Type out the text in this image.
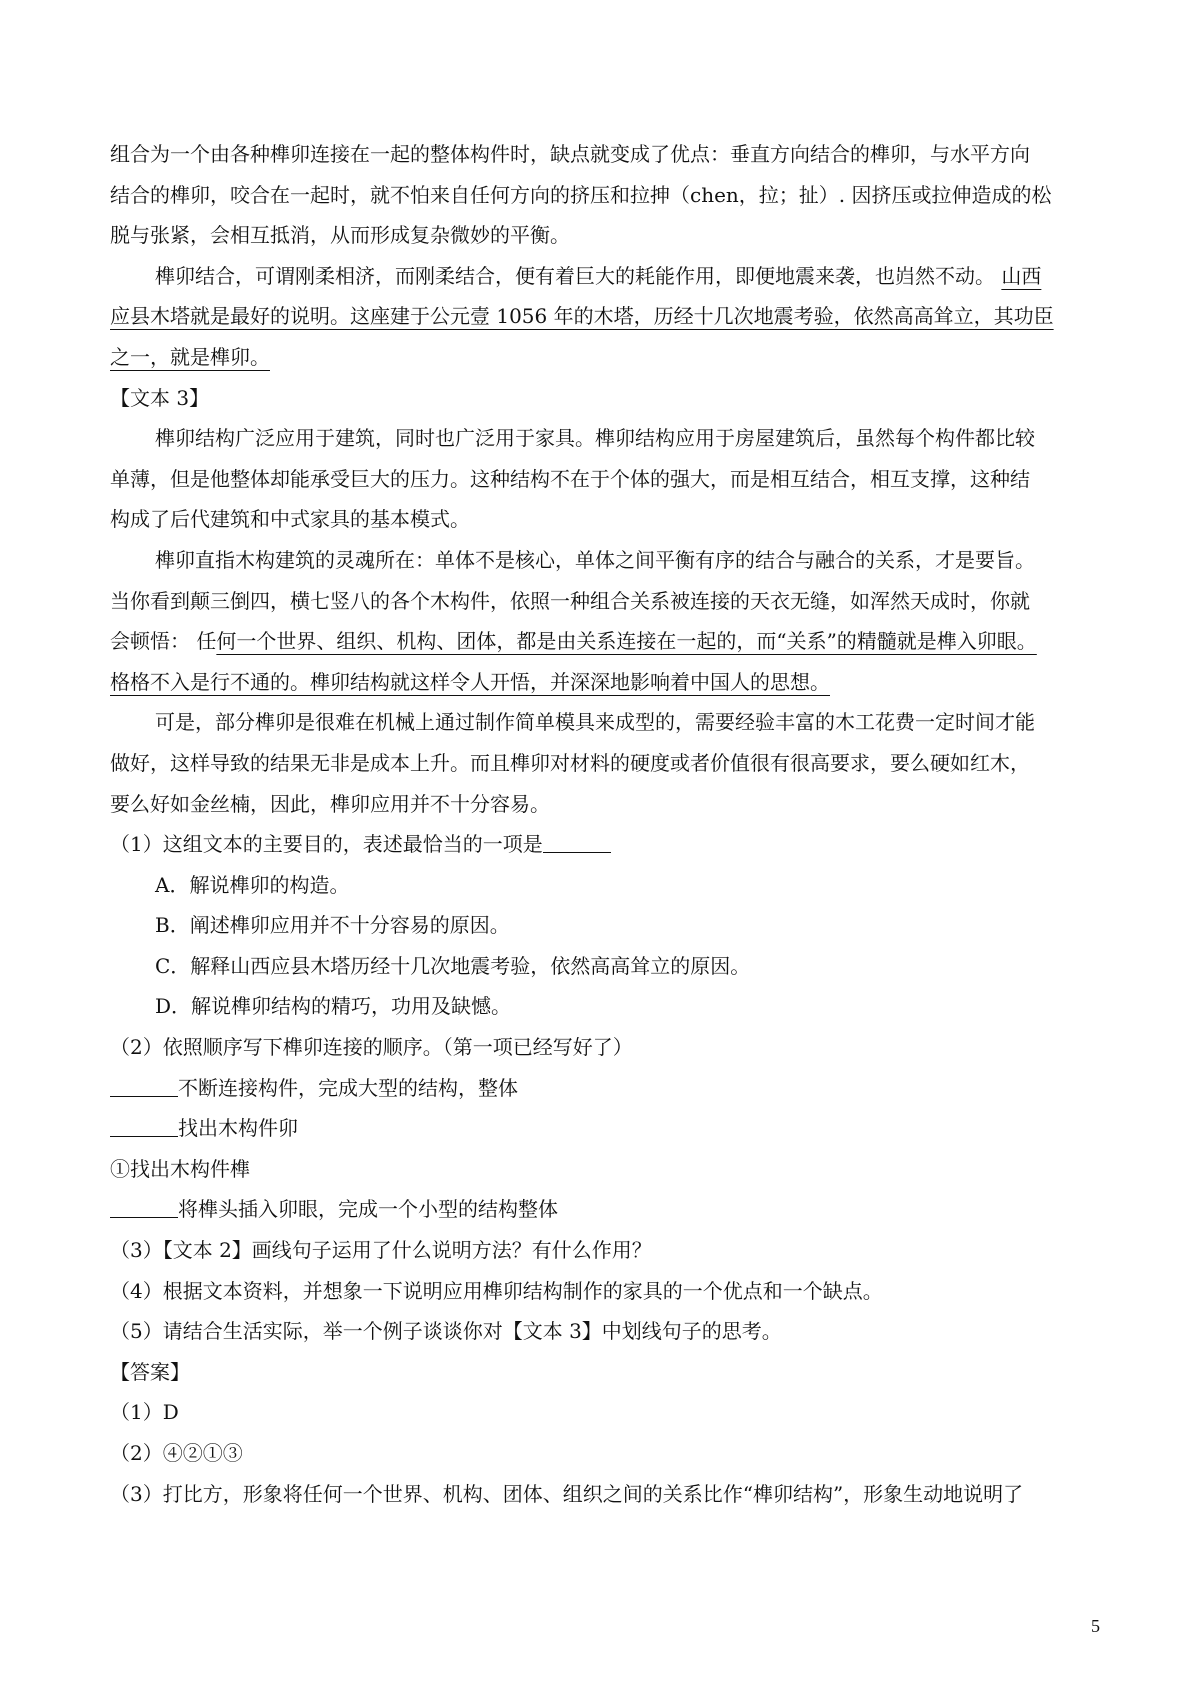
组合为一个由各种榫卯连接在一起的整体构件时，缺点就变成了优点：垂直方向结合的榫卯，与水平方向
结合的榫卯，咬合在一起时，就不怕来自任何方向的挤压和拉抻（chen，拉；扯）. 因挤压或拉伸造成的松
脱与张紧，会相互抵消，从而形成复杂微妙的平衡。
榫卯结合，可谓刚柔相济，而刚柔结合，便有着巨大的耗能作用，即便地震来袭，也岿然不动。 山西
应县木塔就是最好的说明。这座建于公元壹 1056 年的木塔，历经十几次地震考验，依然高高耸立，其功臣
之一，就是榫卯。
【文本 3】
榫卯结构广泛应用于建筑，同时也广泛用于家具。榫卯结构应用于房屋建筑后，虽然每个构件都比较
单薄，但是他整体却能承受巨大的压力。这种结构不在于个体的强大，而是相互结合，相互支撑，这种结
构成了后代建筑和中式家具的基本模式。
榫卯直指木构建筑的灵魂所在：单体不是核心，单体之间平衡有序的结合与融合的关系，才是要旨。
当你看到颠三倒四，横七竖八的各个木构件，依照一种组合关系被连接的天衣无缝，如浑然天成时，你就
会顿悟： 任何一个世界、组织、机构、团体，都是由关系连接在一起的，而“关系”的精髓就是榫入卯眼。
格格不入是行不通的。榫卯结构就这样令人开悟，并深深地影响着中国人的思想。
可是，部分榫卯是很难在机械上通过制作简单模具来成型的，需要经验丰富的木工花费一定时间才能
做好，这样导致的结果无非是成本上升。而且榫卯对材料的硬度或者价值很有很高要求，要么硬如红木，
要么好如金丝楠，因此，榫卯应用并不十分容易。
（1）这组文本的主要目的，表述最恰当的一项是
A．解说榫卯的构造。
B．阐述榫卯应用并不十分容易的原因。
C．解释山西应县木塔历经十几次地震考验，依然高高耸立的原因。
D．解说榫卯结构的精巧，功用及缺憾。
（2）依照顺序写下榫卯连接的顺序。（第一项已经写好了）
不断连接构件，完成大型的结构，整体
找出木构件卯
①找出木构件榫
将榫头插入卯眼，完成一个小型的结构整体
（3）【文本 2】画线句子运用了什么说明方法？有什么作用？
（4）根据文本资料，并想象一下说明应用榫卯结构制作的家具的一个优点和一个缺点。
（5）请结合生活实际，举一个例子谈谈你对【文本 3】中划线句子的思考。
【答案】
（1）D
（2）④②①③
（3）打比方，形象将任何一个世界、机构、团体、组织之间的关系比作“榫卯结构”，形象生动地说明了
5
